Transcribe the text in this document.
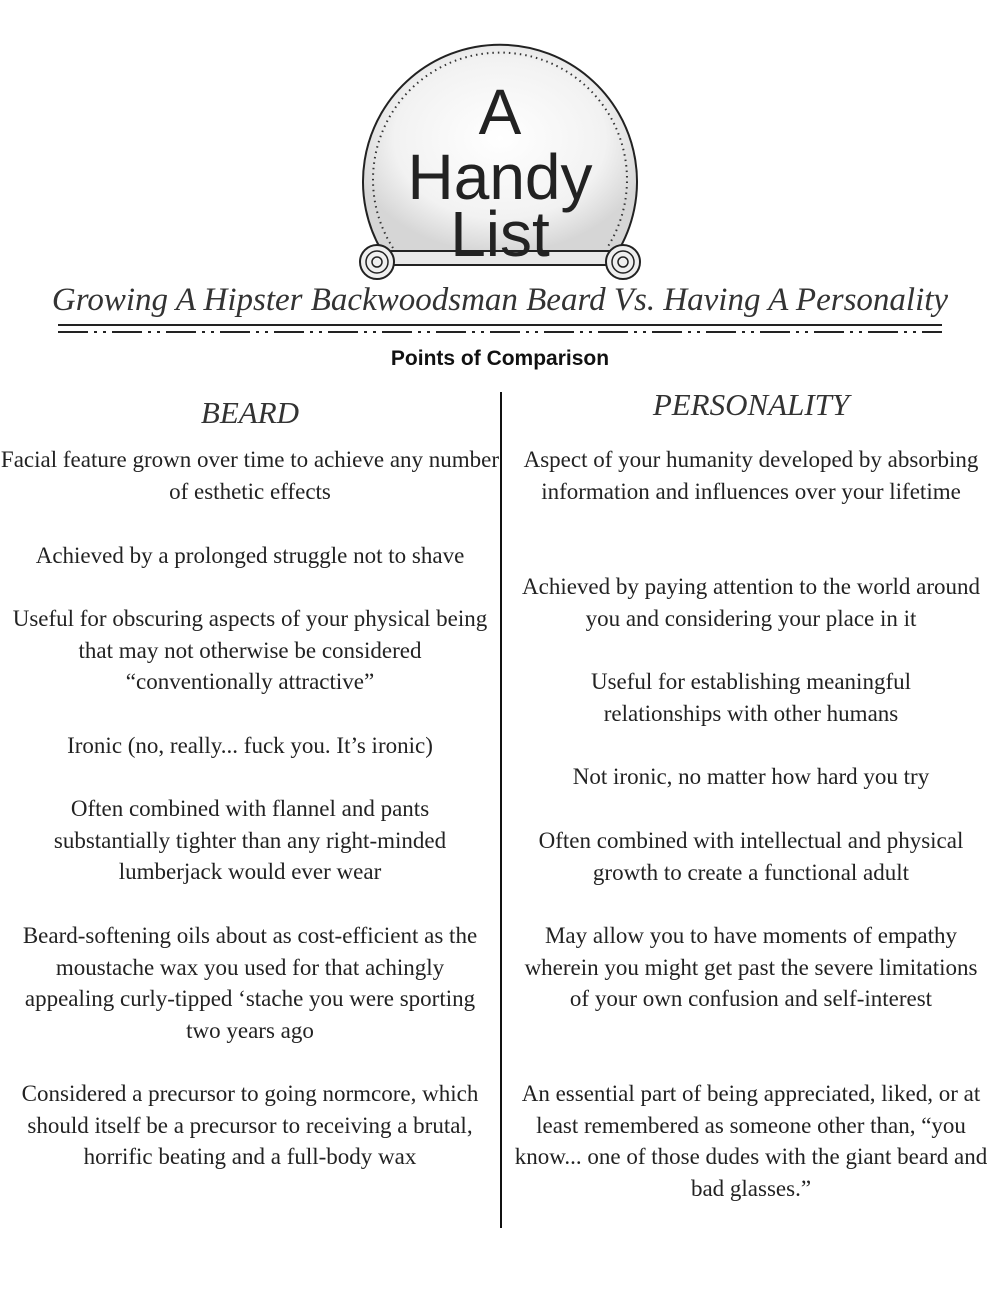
A
Handy
List
Growing A Hipster Backwoodsman Beard Vs. Having A Personality
Points of Comparison
BEARD	PERSONALITY
Facial feature grown over time to achieve any number of esthetic effects
Achieved by a prolonged struggle not to shave
Useful for obscuring aspects of your physical being that may not otherwise be considered “conventionally attractive”
Ironic (no, really... fuck you. It’s ironic)
Often combined with flannel and pants substantially tighter than any right-minded lumberjack would ever wear
Beard-softening oils about as cost-efficient as the moustache wax you used for that achingly appealing curly-tipped ‘stache you were sporting two years ago
Considered a precursor to going normcore, which should itself be a precursor to receiving a brutal, horrific beating and a full-body wax
Aspect of your humanity developed by absorbing information and influences over your lifetime
Achieved by paying attention to the world around you and considering your place in it
Useful for establishing meaningful relationships with other humans
Not ironic, no matter how hard you try
Often combined with intellectual and physical growth to create a functional adult
May allow you to have moments of empathy wherein you might get past the severe limitations of your own confusion and self-interest
An essential part of being appreciated, liked, or at least remembered as someone other than, “you know... one of those dudes with the giant beard and bad glasses.”
